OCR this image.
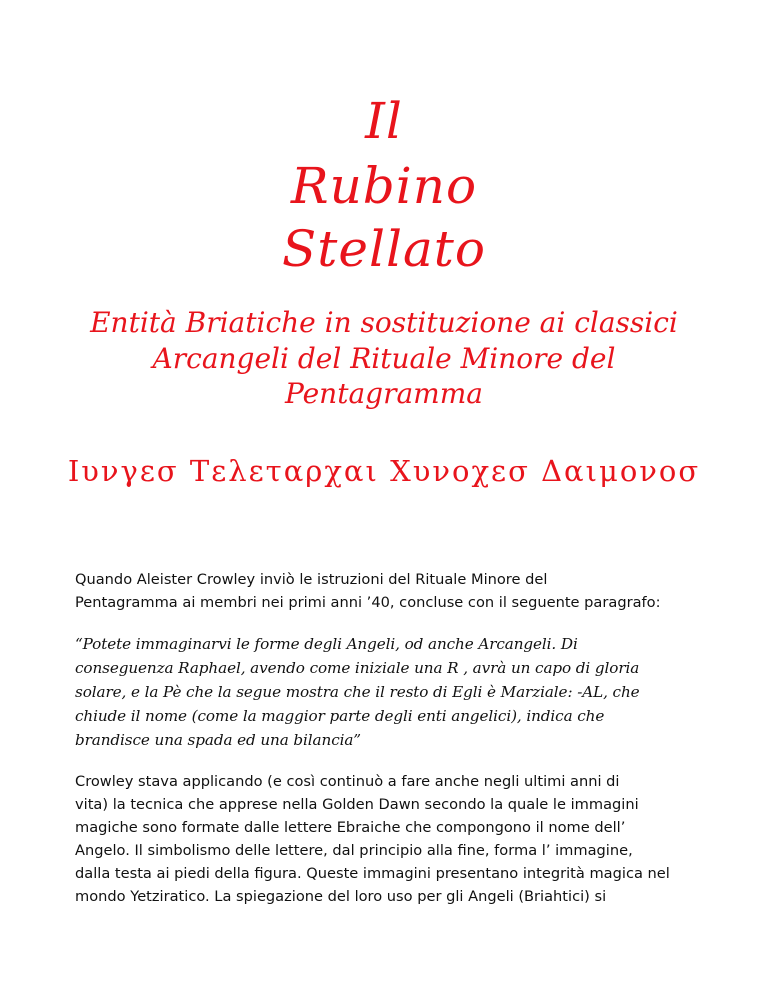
Il
Rubino
Stellato
Entità Briatiche in sostituzione ai classici
Arcangeli del Rituale Minore del
Pentagramma
Ιυνγεσ Τελεταρχαι Χυνοχεσ Δαιμονοσ
Quando Aleister Crowley inviò le istruzioni del Rituale Minore del
Pentagramma ai membri nei primi anni ’40, concluse con il seguente paragrafo:
“Potete immaginarvi le forme degli Angeli, od anche Arcangeli. Di
conseguenza Raphael, avendo come iniziale una R , avrà un capo di gloria
solare, e la Pè che la segue mostra che il resto di Egli è Marziale: -AL, che
chiude il nome (come la maggior parte degli enti angelici), indica che
brandisce una spada ed una bilancia”
Crowley stava applicando (e così continuò a fare anche negli ultimi anni di
vita) la tecnica che apprese nella Golden Dawn secondo la quale le immagini
magiche sono formate dalle lettere Ebraiche che compongono il nome dell’
Angelo. Il simbolismo delle lettere, dal principio alla fine, forma l’ immagine,
dalla testa ai piedi della figura. Queste immagini presentano integrità magica nel
mondo Yetziratico. La spiegazione del loro uso per gli Angeli (Briahtici) si
